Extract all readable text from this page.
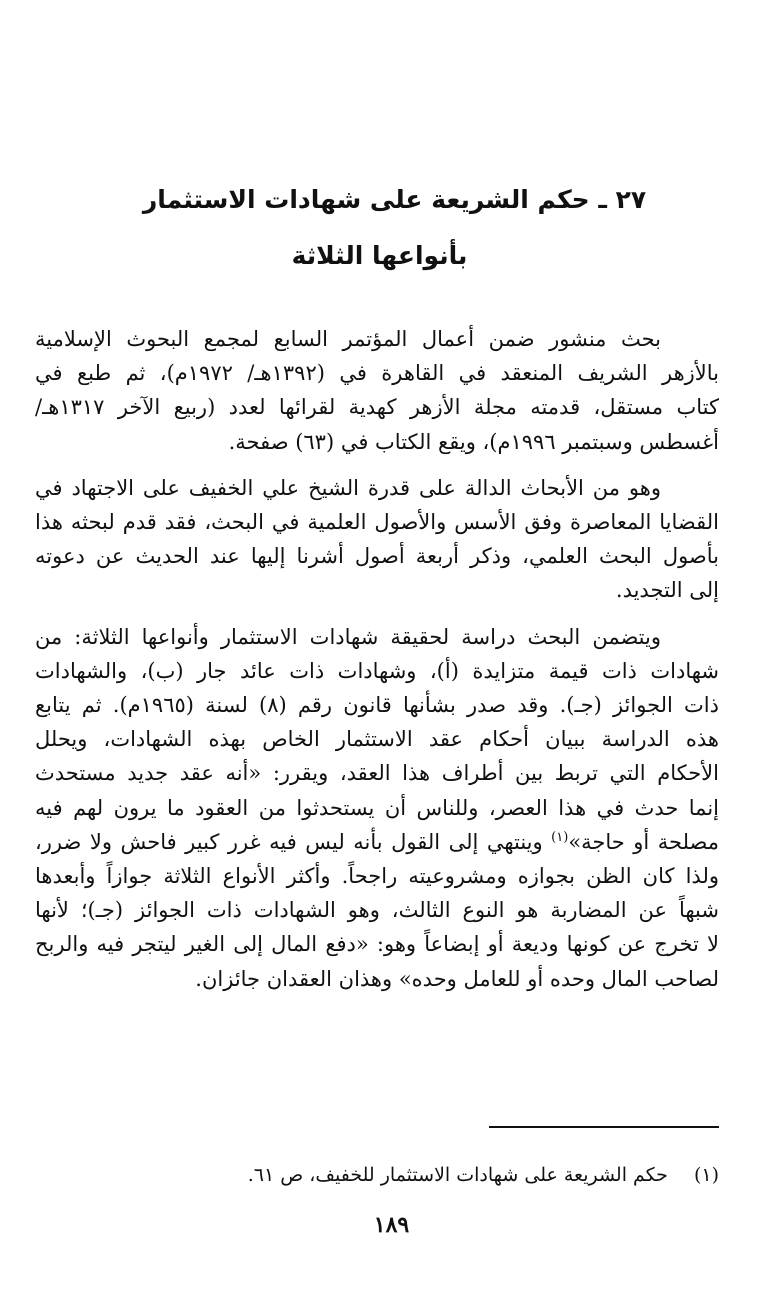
٢٧ ـ حكم الشريعة على شهادات الاستثمار
بأنواعها الثلاثة
بحث منشور ضمن أعمال المؤتمر السابع لمجمع البحوث الإسلامية
بالأزهر الشريف المنعقد في القاهرة في (١٣٩٢هـ/ ١٩٧٢م)، ثم طبع في
كتاب مستقل، قدمته مجلة الأزهر كهدية لقرائها لعدد (ربيع الآخر ١٣١٧هـ/
أغسطس وسبتمبر ١٩٩٦م)، ويقع الكتاب في (٦٣) صفحة.
وهو من الأبحاث الدالة على قدرة الشيخ علي الخفيف على الاجتهاد في
القضايا المعاصرة وفق الأسس والأصول العلمية في البحث، فقد قدم لبحثه هذا
بأصول البحث العلمي، وذكر أربعة أصول أشرنا إليها عند الحديث عن دعوته
إلى التجديد.
ويتضمن البحث دراسة لحقيقة شهادات الاستثمار وأنواعها الثلاثة: من
شهادات ذات قيمة متزايدة (أ)، وشهادات ذات عائد جار (ب)، والشهادات
ذات الجوائز (جـ). وقد صدر بشأنها قانون رقم (٨) لسنة (١٩٦٥م). ثم يتابع
هذه الدراسة ببيان أحكام عقد الاستثمار الخاص بهذه الشهادات، ويحلل
الأحكام التي تربط بين أطراف هذا العقد، ويقرر: «أنه عقد جديد مستحدث
إنما حدث في هذا العصر، وللناس أن يستحدثوا من العقود ما يرون لهم فيه
مصلحة أو حاجة»$^{(١)}$ وينتهي إلى القول بأنه ليس فيه غرر كبير فاحش ولا ضرر،
ولذا كان الظن بجوازه ومشروعيته راجحاً. وأكثر الأنواع الثلاثة جوازاً وأبعدها
شبهاً عن المضاربة هو النوع الثالث، وهو الشهادات ذات الجوائز (جـ)؛ لأنها
لا تخرج عن كونها وديعة أو إبضاعاً وهو: «دفع المال إلى الغير ليتجر فيه والربح
لصاحب المال وحده أو للعامل وحده» وهذان العقدان جائزان.
(١)حكم الشريعة على شهادات الاستثمار للخفيف، ص ٦١.
١٨٩
